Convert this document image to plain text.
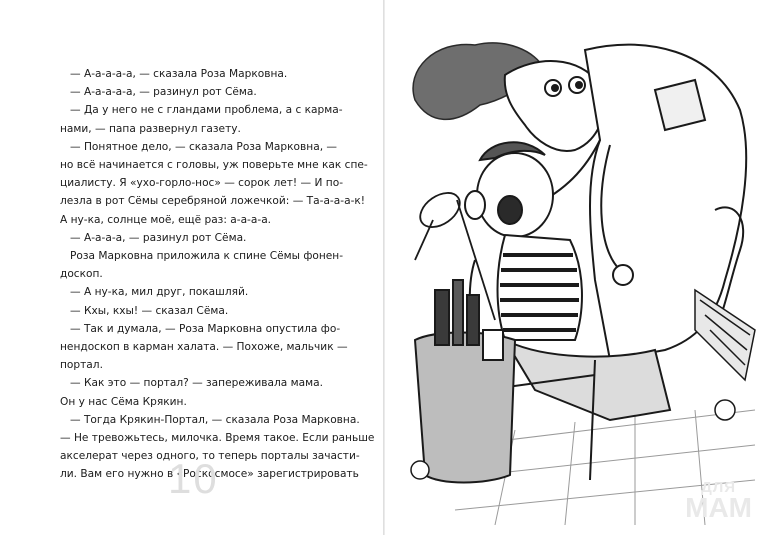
— А-а-а-а-а, — сказала Роза Марковна.
— А-а-а-а-а, — разинул рот Сёма.
— Да у него не с гландами проблема, а с карма-
нами, — папа развернул газету.
— Понятное дело, — сказала Роза Марковна, —
но всё начинается с головы, уж поверьте мне как спе-
циалисту. Я «ухо-горло-нос» — сорок лет! — И по-
лезла в рот Сёмы серебряной ложечкой: — Та-а-а-а-к!
А ну-ка, солнце моё, ещё раз: а-а-а-а.
— А-а-а-а, — разинул рот Сёма.
Роза Марковна приложила к спине Сёмы фонен-
доскоп.
— А ну-ка, мил друг, покашляй.
— Кхы, кхы! — сказал Сёма.
— Так и думала, — Роза Марковна опустила фо-
нендоскоп в карман халата. — Похоже, мальчик —
портал.
— Как это — портал? — запереживала мама.
Он у нас Сёма Крякин.
— Тогда Крякин-Портал, — сказала Роза Марковна.
— Не тревожьтесь, милочка. Время такое. Если раньше
акселерат через одного, то теперь порталы зачасти-
ли. Вам его нужно в «Роскосмосе» зарегистрировать
10	ДЛЯ
МАМ
